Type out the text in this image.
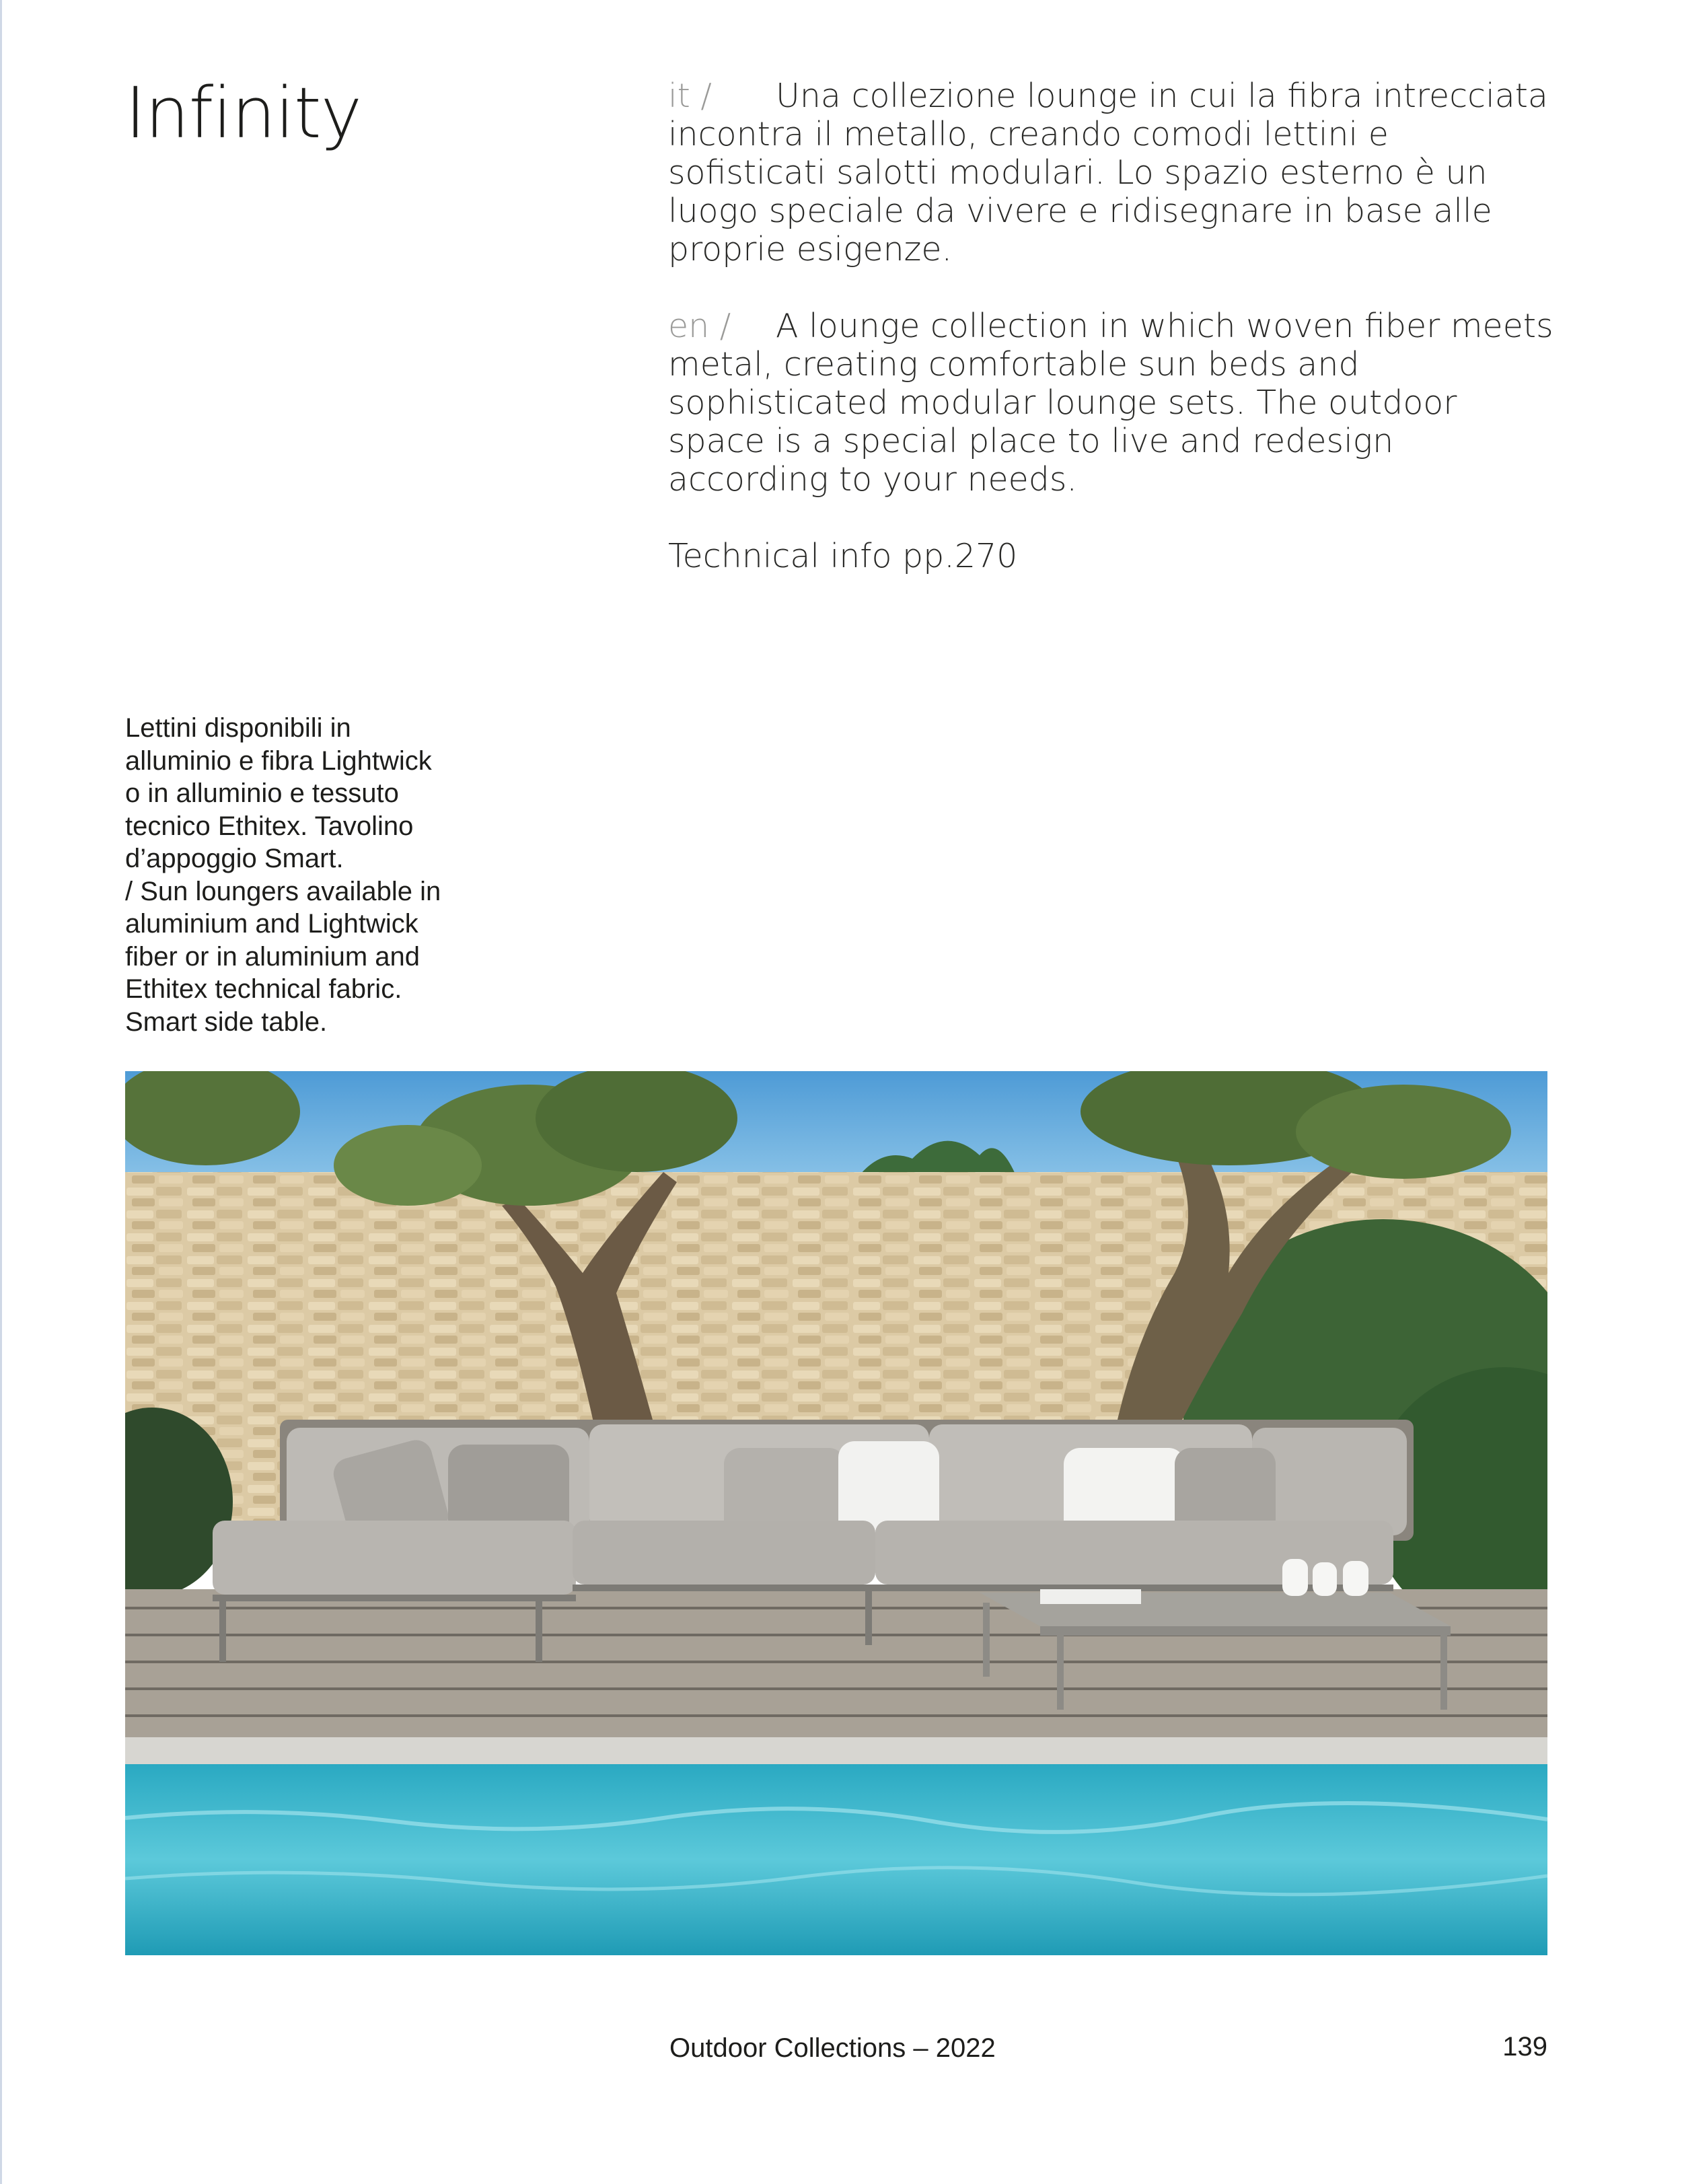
Infinity	it / Una collezione lounge in cui la fibra intrecciata incontra il metallo, creando comodi lettini e sofisticati salotti modulari. Lo spazio esterno è un luogo speciale da vivere e ridisegnare in base alle proprie esigenze.

en / A lounge collection in which woven fiber meets metal, creating comfortable sun beds and sophisticated modular lounge sets. The outdoor space is a special place to live and redesign according to your needs.

Technical info pp.270

Lettini disponibili in
alluminio e fibra Lightwick
o in alluminio e tessuto
tecnico Ethitex. Tavolino
d’appoggio Smart.
/ Sun loungers available in
aluminium and Lightwick
fiber or in aluminium and
Ethitex technical fabric.
Smart side table.
Outdoor Collections – 2022	139
